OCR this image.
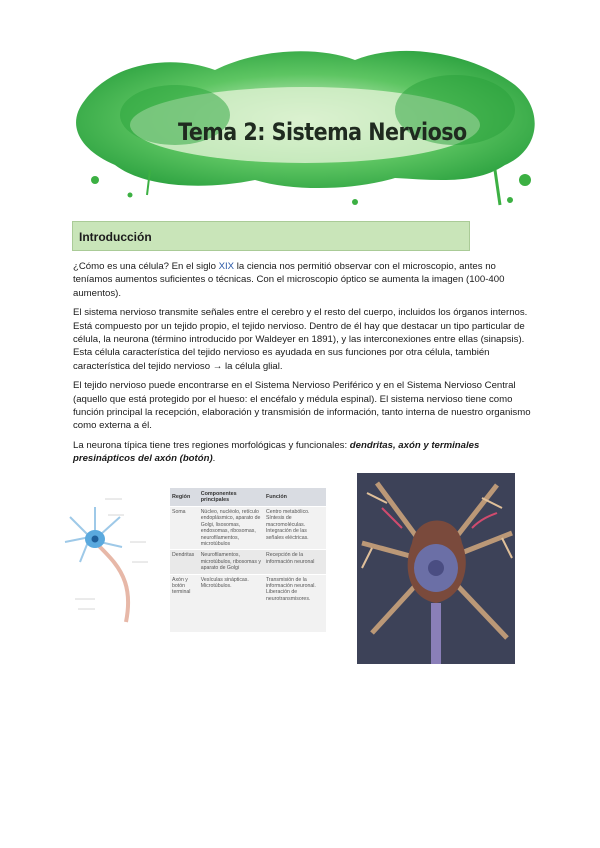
Tema 2: Sistema Nervioso
Introducción

¿Cómo es una célula? En el siglo XIX la ciencia nos permitió observar con el microscopio, antes no teníamos aumentos suficientes o técnicas. Con el microscopio óptico se aumenta la imagen (100-400 aumentos).

El sistema nervioso transmite señales entre el cerebro y el resto del cuerpo, incluidos los órganos internos. Está compuesto por un tejido propio, el tejido nervioso. Dentro de él hay que destacar un tipo particular de célula, la neurona (término introducido por Waldeyer en 1891), y las interconexiones entre ellas (sinapsis). Esta célula característica del tejido nervioso es ayudada en sus funciones por otra célula, también característica del tejido nervioso → la célula glial.

El tejido nervioso puede encontrarse en el Sistema Nervioso Periférico y en el Sistema Nervioso Central (aquello que está protegido por el hueso: el encéfalo y médula espinal). El sistema nervioso tiene como función principal la recepción, elaboración y transmisión de información, tanto interna de nuestro organismo como externa a él.

La neurona típica tiene tres regiones morfológicas y funcionales: dendritas, axón y terminales presinápticos del axón (botón).

Región	Componentes principales	Función
Soma	Núcleo, nucléolo, retículo endoplásmico, aparato de Golgi, lisosomas, endosomas, ribosomas, neurofilamentos, microtúbulos	Centro metabólico. Síntesis de macromoléculas. Integración de las señales eléctricas.
Dendritas	Neurofilamentos, microtúbulos, ribosomas y aparato de Golgi	Recepción de la información neuronal
Axón y botón terminal	Vesículas sinápticas. Microtúbulos.	Transmisión de la información neuronal. Liberación de neurotransmisores.
